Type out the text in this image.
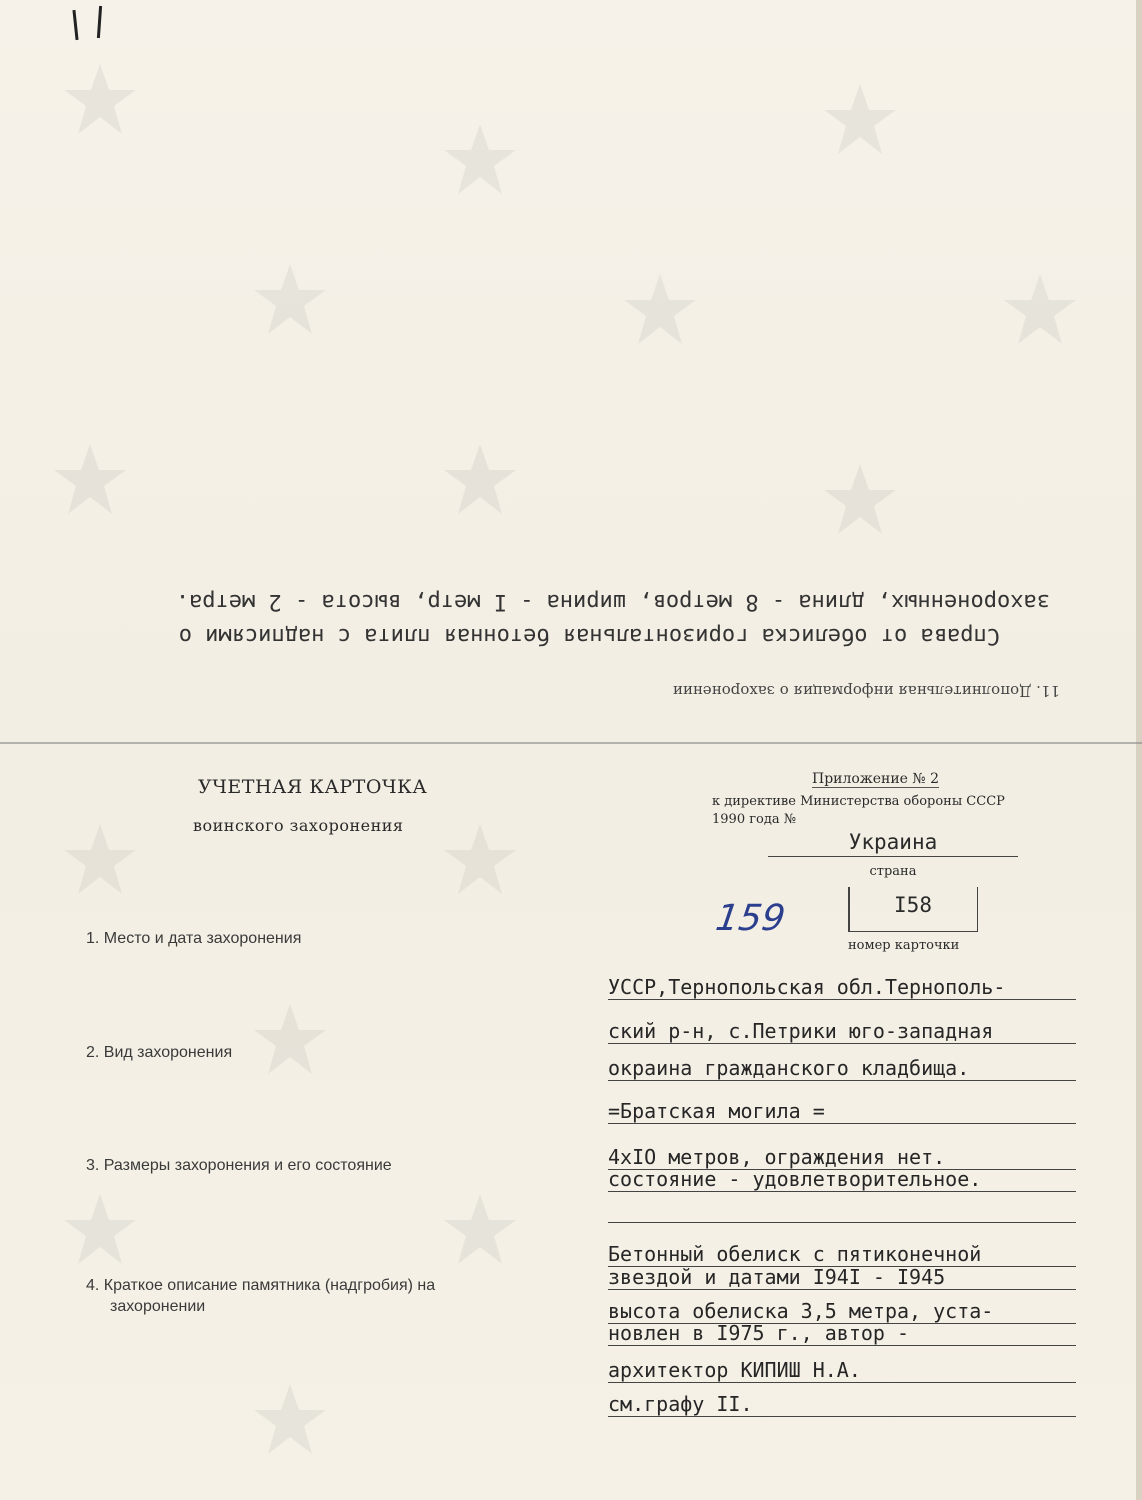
11. Дополнительная информация о захоронении
Справа от обелиска горизонтальная бетонная плита с надписями о
захороненных, длина - 8 метров, ширина - I метр, высота - 2 метра.
УЧЕТНАЯ КАРТОЧКА
воинского захоронения
Приложение № 2
к директиве Министерства обороны СССР
1990 года №
Украина
страна
I58
номер карточки
159
1. Место и дата захоронения
2. Вид захоронения
3. Размеры захоронения и его состояние
4. Краткое описание памятника (надгробия) на
захоронении
УССР,Тернопольская обл.Тернополь-
ский р-н, с.Петрики юго-западная
окраина гражданского кладбища.
=Братская могила =
4хIO метров, ограждения нет.
состояние - удовлетворительное.
Бетонный обелиск с пятиконечной
звездой и датами I94I - I945
высота обелиска 3,5 метра, уста-
новлен в I975 г., автор -
архитектор КИПИШ Н.А.
см.графу II.
